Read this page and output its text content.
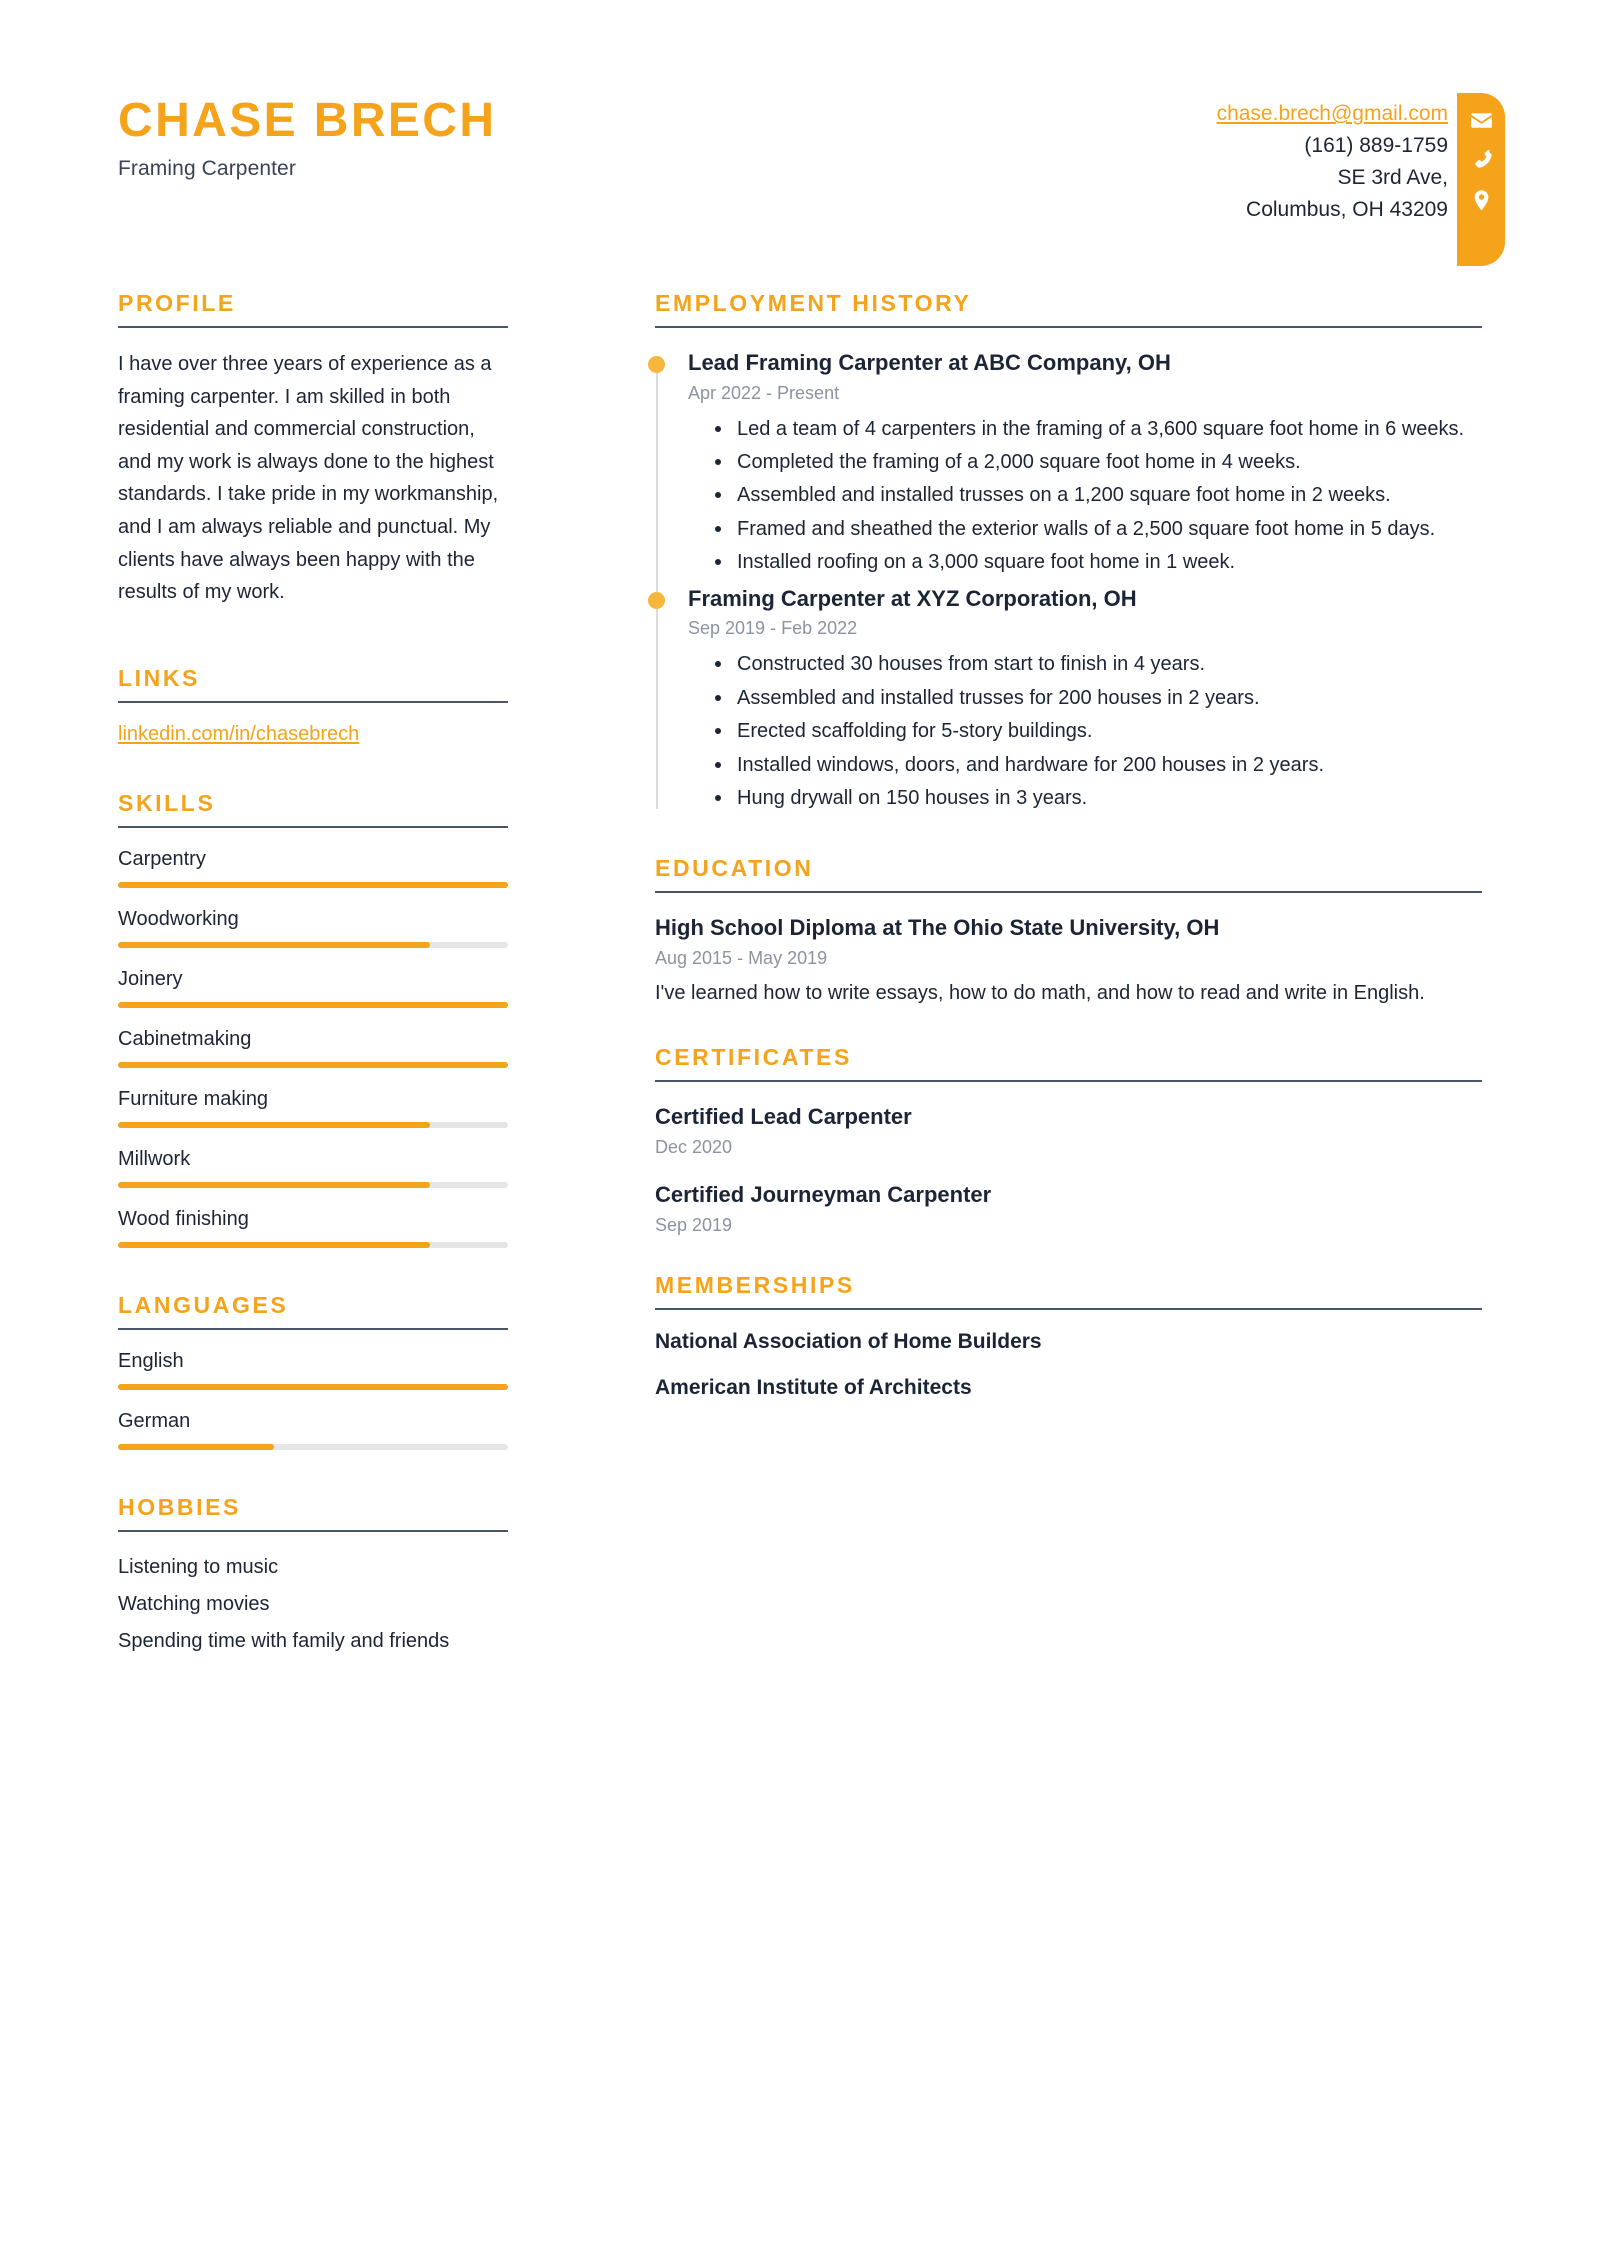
CHASE BRECH
Framing Carpenter
chase.brech@gmail.com
(161) 889-1759
SE 3rd Ave,
Columbus, OH 43209
PROFILE
I have over three years of experience as a framing carpenter. I am skilled in both residential and commercial construction, and my work is always done to the highest standards. I take pride in my workmanship, and I am always reliable and punctual. My clients have always been happy with the results of my work.
LINKS
linkedin.com/in/chasebrech
SKILLS
Carpentry
Woodworking
Joinery
Cabinetmaking
Furniture making
Millwork
Wood finishing
LANGUAGES
English
German
HOBBIES
Listening to music
Watching movies
Spending time with family and friends
EMPLOYMENT HISTORY
Lead Framing Carpenter at ABC Company, OH
Apr 2022 - Present
Led a team of 4 carpenters in the framing of a 3,600 square foot home in 6 weeks.
Completed the framing of a 2,000 square foot home in 4 weeks.
Assembled and installed trusses on a 1,200 square foot home in 2 weeks.
Framed and sheathed the exterior walls of a 2,500 square foot home in 5 days.
Installed roofing on a 3,000 square foot home in 1 week.
Framing Carpenter at XYZ Corporation, OH
Sep 2019 - Feb 2022
Constructed 30 houses from start to finish in 4 years.
Assembled and installed trusses for 200 houses in 2 years.
Erected scaffolding for 5-story buildings.
Installed windows, doors, and hardware for 200 houses in 2 years.
Hung drywall on 150 houses in 3 years.
EDUCATION
High School Diploma at The Ohio State University, OH
Aug 2015 - May 2019
I've learned how to write essays, how to do math, and how to read and write in English.
CERTIFICATES
Certified Lead Carpenter
Dec 2020
Certified Journeyman Carpenter
Sep 2019
MEMBERSHIPS
National Association of Home Builders
American Institute of Architects
